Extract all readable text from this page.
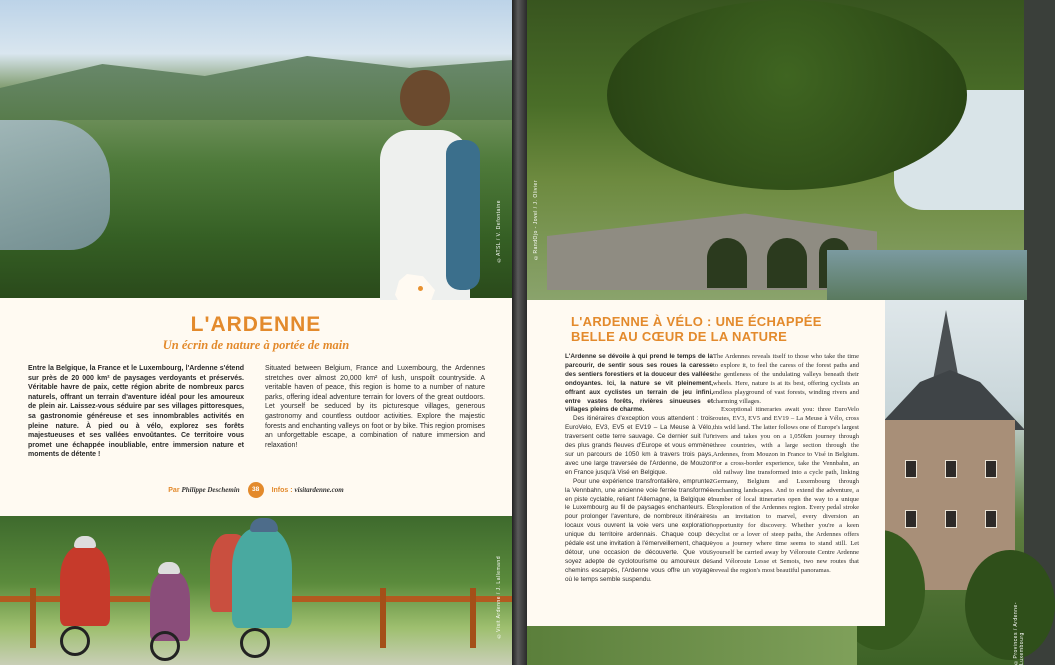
©ATSL / V. Defontaine
L'ARDENNE
Un écrin de nature à portée de main
Entre la Belgique, la France et le Luxembourg, l'Ardenne s'étend sur près de 20 000 km² de paysages verdoyants et préservés. Véritable havre de paix, cette région abrite de nombreux parcs naturels, offrant un terrain d'aventure idéal pour les amoureux de plein air. Laissez-vous séduire par ses villages pittoresques, sa gastronomie généreuse et ses innombrables activités en pleine nature. À pied ou à vélo, explorez ses forêts majestueuses et ses vallées envoûtantes. Ce territoire vous promet une échappée inoubliable, entre immersion nature et moments de détente !
Situated between Belgium, France and Luxembourg, the Ardennes stretches over almost 20,000 km² of lush, unspoilt countryside. A veritable haven of peace, this region is home to a number of nature parks, offering ideal adventure terrain for lovers of the great outdoors. Let yourself be seduced by its picturesque villages, generous gastronomy and countless outdoor activities. Explore the majestic forests and enchanting valleys on foot or by bike. This region promises an unforgettable escape, a combination of nature immersion and relaxation!
Par Philippe Deschemin 38 Infos : visitardenne.com
©Visit Ardenne / J. Lallemand
©RandOjo - Jovel / J. Olivier
©Provinces / Ardenne-Luxembourg
L'ARDENNE À VÉLO : UNE ÉCHAPPÉE
BELLE AU CŒUR DE LA NATURE

L'Ardenne se dévoile à qui prend le temps de la parcourir, de sentir sous ses roues la caresse des sentiers forestiers et la douceur des vallées ondoyantes. Ici, la nature se vit pleinement, offrant aux cyclistes un terrain de jeu infini, entre vastes forêts, rivières sinueuses et villages pleins de charme.

Des itinéraires d'exception vous attendent : trois EuroVelo, EV3, EV5 et EV19 – La Meuse à Vélo, traversent cette terre sauvage. Ce dernier suit l'un des plus grands fleuves d'Europe et vous emmène sur un parcours de 1050 km à travers trois pays, avec une large traversée de l'Ardenne, de Mouzon en France jusqu'à Visé en Belgique.

Pour une expérience transfrontalière, empruntez la Vennbahn, une ancienne voie ferrée transformée en piste cyclable, reliant l'Allemagne, la Belgique et le Luxembourg au fil de paysages enchanteurs. Et pour prolonger l'aventure, de nombreux itinéraires locaux vous ouvrent la voie vers une exploration unique du territoire ardennais. Chaque coup de pédale est une invitation à l'émerveillement, chaque détour, une occasion de découverte. Que vous soyez adepte de cyclotourisme ou amoureux des chemins escarpés, l'Ardenne vous offre un voyage où le temps semble suspendu.

The Ardennes reveals itself to those who take the time to explore it, to feel the caress of the forest paths and the gentleness of the undulating valleys beneath their wheels. Here, nature is at its best, offering cyclists an endless playground of vast forests, winding rivers and charming villages.

Exceptional itineraries await you: three EuroVelo routes, EV3, EV5 and EV19 – La Meuse à Vélo, cross this wild land. The latter follows one of Europe's largest rivers and takes you on a 1,050km journey through three countries, with a large section through the Ardennes, from Mouzon in France to Visé in Belgium. For a cross-border experience, take the Vennbahn, an old railway line transformed into a cycle path, linking Germany, Belgium and Luxembourg through enchanting landscapes. And to extend the adventure, a number of local itineraries open the way to a unique exploration of the Ardennes region. Every pedal stroke is an invitation to marvel, every diversion an opportunity for discovery. Whether you're a keen cyclist or a lover of steep paths, the Ardennes offers you a journey where time seems to stand still. Let yourself be carried away by Véloroute Centre Ardenne and Véloroute Lesse et Semois, two new routes that reveal the region's most beautiful panoramas.
